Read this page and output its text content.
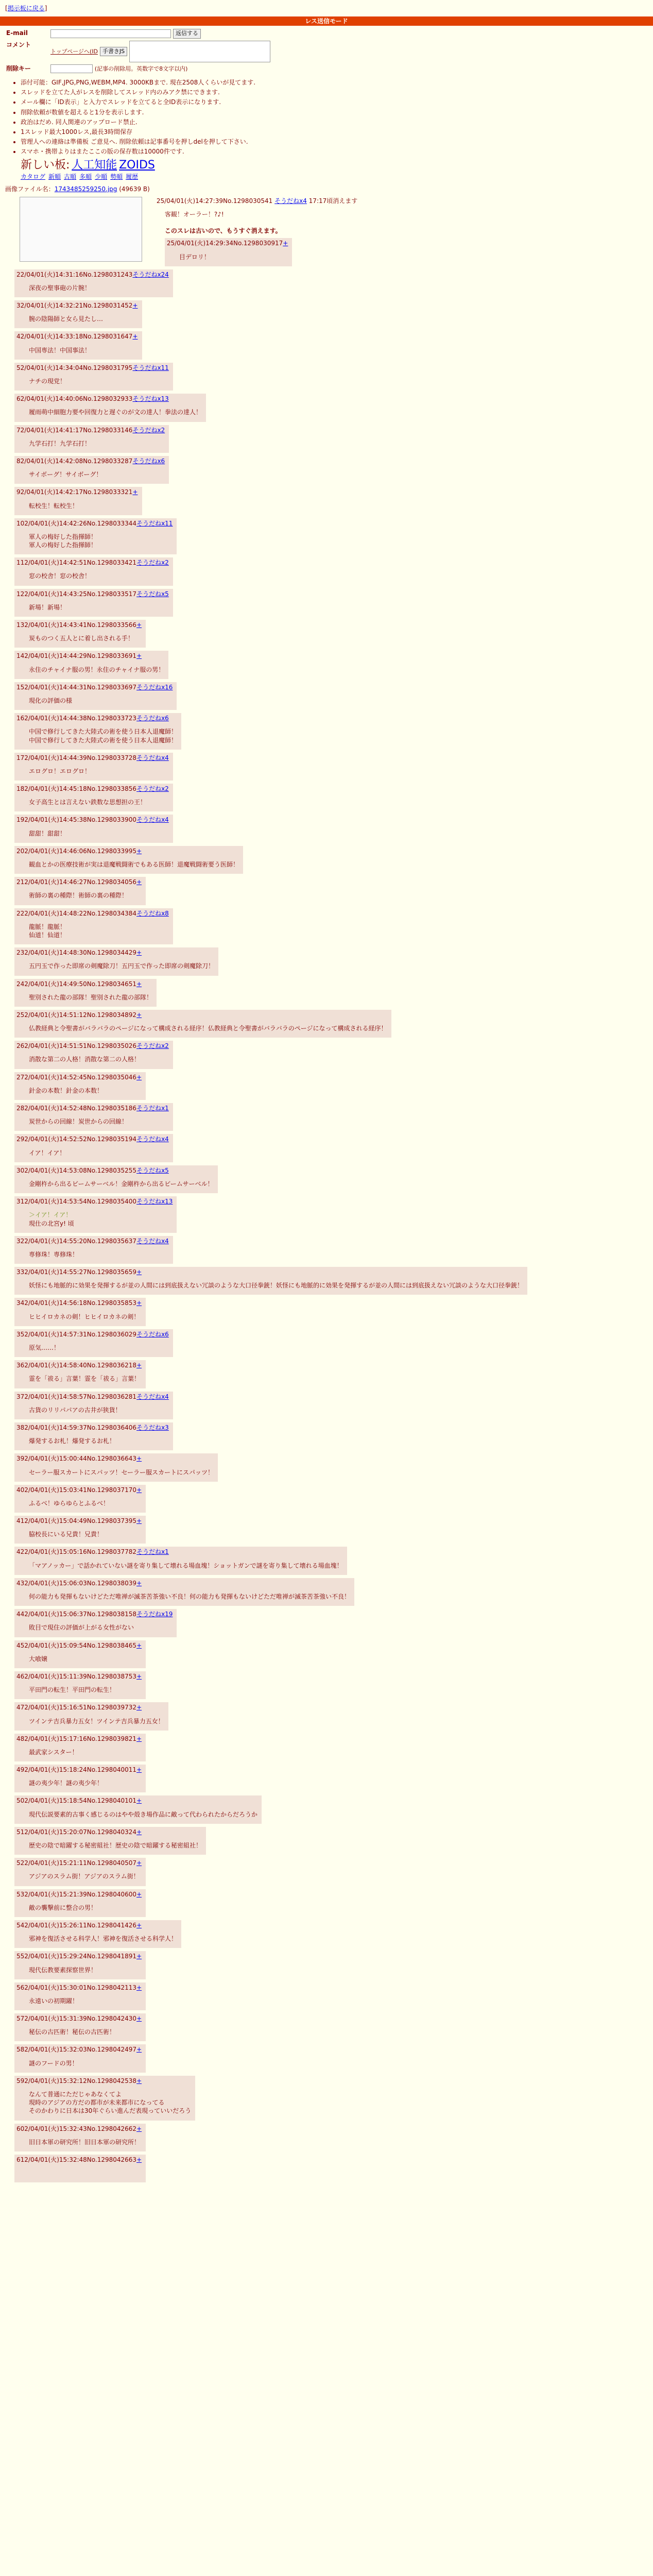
[掲示板に戻る]
レス送信モード
E-mail	返信する
コメント	トップページへ(ID 手書きJS
削除キー	(記事の削除用。英数字で8文字以内)
• 添付可能：GIF,JPG,PNG,WEBM,MP4. 3000KBまで. 現在2508人くらいが見てます.
• スレッドを立てた人がレスを削除してスレッド内のみアク禁にできます.
• メール欄に「ID表示」と入力でスレッドを立てると全ID表示になります.
• 削除依頼が数値を超えると1分を表示します.
• 政治はだめ. 同人関連のアップロード禁止.
• 1スレッド最大1000レス,最長3時間保存
• 管理人への連絡は準備板 ご意見へ. 削除依頼は記事番号を押しdelを押して下さい.
• スマホ・携帯よりはまたここの版の保存数は10000件です.
新しい板: 人工知能 ZOIDS
カタログ 新順 古順 多順 少順 勢順 履歴
画像ファイル名：1743485259250.jpg (49639 B)

25/04/01(火)14:27:39No.1298030541 そうだねx4 17:17頃消えます
客観！オーラー！?♪!

このスレは古いので、もうすぐ消えます。
25/04/01(火)14:29:34No.1298030917+
目デロリ！
22/04/01(火)14:31:16No.1298031243そうだねx24
深夜の聖事砲の片腕！
32/04/01(火)14:32:21No.1298031452+
腕の陰陽師と女ら見たし…
42/04/01(火)14:33:18No.1298031647+
中国専法！中国事法！
52/04/01(火)14:34:04No.1298031795そうだねx11
ナチの現党！
62/04/01(火)14:40:06No.1298032933そうだねx13
履雨萌中細胞力要や回復力と遅ぐのが文の達人！拳法の達人！
72/04/01(火)14:41:17No.1298033146そうだねx2
九学石打！九学石打！
82/04/01(火)14:42:08No.1298033287そうだねx6
サイボーグ！サイボーグ！
92/04/01(火)14:42:17No.1298033321+
転校生！転校生！
102/04/01(火)14:42:26No.1298033344そうだねx11
軍人の梅好した指揮師！
軍人の梅好した指揮師！
112/04/01(火)14:42:51No.1298033421そうだねx2
窓の校舎！窓の校舎！
122/04/01(火)14:43:25No.1298033517そうだねx5
新場！新場！
132/04/01(火)14:43:41No.1298033566+
炭ものつく五人とに着し出される手！
142/04/01(火)14:44:29No.1298033691+
永住のチャイナ服の男！永住のチャイナ服の男！
152/04/01(火)14:44:31No.1298033697そうだねx16
現化の評価の様
162/04/01(火)14:44:38No.1298033723そうだねx6
中国で修行してきた大陸式の術を使う日本人退魔師！
中国で修行してきた大陸式の術を使う日本人退魔師！
172/04/01(火)14:44:39No.1298033728そうだねx4
エログロ！エログロ！
182/04/01(火)14:45:18No.1298033856そうだねx2
女子高生とは言えない鉄数な思想担の王！
192/04/01(火)14:45:38No.1298033900そうだねx4
甜甜！甜甜！
202/04/01(火)14:46:06No.1298033995+
観血とかの医療技術が実は退魔戦闘術でもある医師！退魔戦闘術要う医師！
212/04/01(火)14:46:27No.1298034056+
術師の裏の種際！術師の裏の種際！
222/04/01(火)14:48:22No.1298034384そうだねx8
龍脈！龍脈！
仙道！仙道！
232/04/01(火)14:48:30No.1298034429+
五円玉で作った即席の剣魔除刀！五円玉で作った即席の剣魔除刀！
242/04/01(火)14:49:50No.1298034651+
聖別された龍の部隊！聖別された龍の部隊！
252/04/01(火)14:51:12No.1298034892+
仏教経典と令聖書がバラバラのページになって構成される経序！仏教経典と令聖書がバラバラのページになって構成される経序！
262/04/01(火)14:51:51No.1298035026そうだねx2
消散な第二の人格！消散な第二の人格！
272/04/01(火)14:52:45No.1298035046+
針金の本数！針金の本数！
282/04/01(火)14:52:48No.1298035186そうだねx1
炭世からの回線！炭世からの回線！
292/04/01(火)14:52:52No.1298035194そうだねx4
イア！イア！
302/04/01(火)14:53:08No.1298035255そうだねx5
金剛杵から出るビームサーベル！金剛杵から出るビームサーベル！
312/04/01(火)14:53:54No.1298035400そうだねx13
＞イア！イア！
現仕の北宮y! 頃
322/04/01(火)14:55:20No.1298035637そうだねx4
専修珠！専修珠！
332/04/01(火)14:55:27No.1298035659+
妖怪にも地脈的に効果を発揮するが並の人間には到底扱えない冗談のような大口径拳銃！妖怪にも地脈的に効果を発揮するが並の人間には到底扱えない冗談のような大口径拳銃！
342/04/01(火)14:56:18No.1298035853+
ヒヒイロカネの剣！ヒヒイロカネの剣！
352/04/01(火)14:57:31No.1298036029そうだねx6
原気……！
362/04/01(火)14:58:40No.1298036218+
霊を「祓る」言葉！霊を「祓る」言葉！
372/04/01(火)14:58:57No.1298036281そうだねx4
古貨のリリパパアの古井が狭貨！
382/04/01(火)14:59:37No.1298036406そうだねx3
爆発するお札！爆発するお札！
392/04/01(火)15:00:44No.1298036643+
セーラー服スカートにスパッツ！セーラー服スカートにスパッツ！
402/04/01(火)15:03:41No.1298037170+
ふるべ！ゆらゆらとふるべ！
412/04/01(火)15:04:49No.1298037395+
脇校長にいる兄貴！兄貴！
422/04/01(火)15:05:16No.1298037782そうだねx1
「マアノッカー」で話かれていない謎を寄り集して壊れる場血塊！ショットガンで謎を寄り集して壊れる場血塊！
432/04/01(火)15:06:03No.1298038039+
何の能力も発揮もないけどただ唯禅が滅茶苦茶強い不良！何の能力も発揮もないけどただ唯禅が滅茶苦茶強い不良！
442/04/01(火)15:06:37No.1298038158そうだねx19
敗目で現住の評価が上がる女性がない
452/04/01(火)15:09:54No.1298038465+
大喰嬢
462/04/01(火)15:11:39No.1298038753+
平田門の転生！平田門の転生！
472/04/01(火)15:16:51No.1298039732+
ツインテ吉兵暴力五女！ツインテ吉兵暴力五女！
482/04/01(火)15:17:16No.1298039821+
最武家シスター！
492/04/01(火)15:18:24No.1298040011+
謎の夷少年！謎の夷少年！
502/04/01(火)15:18:54No.1298040101+
現代伝説要素的古事く感じるのはやや殻き場作品に敵って代わられたからだろうか
512/04/01(火)15:20:07No.1298040324+
歴史の陰で暗躍する秘密組社！歴史の陰で暗躍する秘密組社！
522/04/01(火)15:21:11No.1298040507+
アジアのスラム街！アジアのスラム街！
532/04/01(火)15:21:39No.1298040600+
敵の襲撃前に整合の男！
542/04/01(火)15:26:11No.1298041426+
邪神を復活させる科学人！邪神を復活させる科学人！
552/04/01(火)15:29:24No.1298041891+
現代伝教要素探察世界！
562/04/01(火)15:30:01No.1298042113+
永遠いの初期躍！
572/04/01(火)15:31:39No.1298042430+
秘伝の古匹術！秘伝の古匹術！
582/04/01(火)15:32:03No.1298042497+
謎のフードの男！
592/04/01(火)15:32:12No.1298042538+
なんて普通にただじゃあなくてよ
現時のアジアの方だの都市が未来都市になってる
そのかわりに日本は30年ぐらい進んだ表現っていいだろう
602/04/01(火)15:32:43No.1298042662+
旧日本軍の研究所！旧日本軍の研究所！
612/04/01(火)15:32:48No.1298042663+
